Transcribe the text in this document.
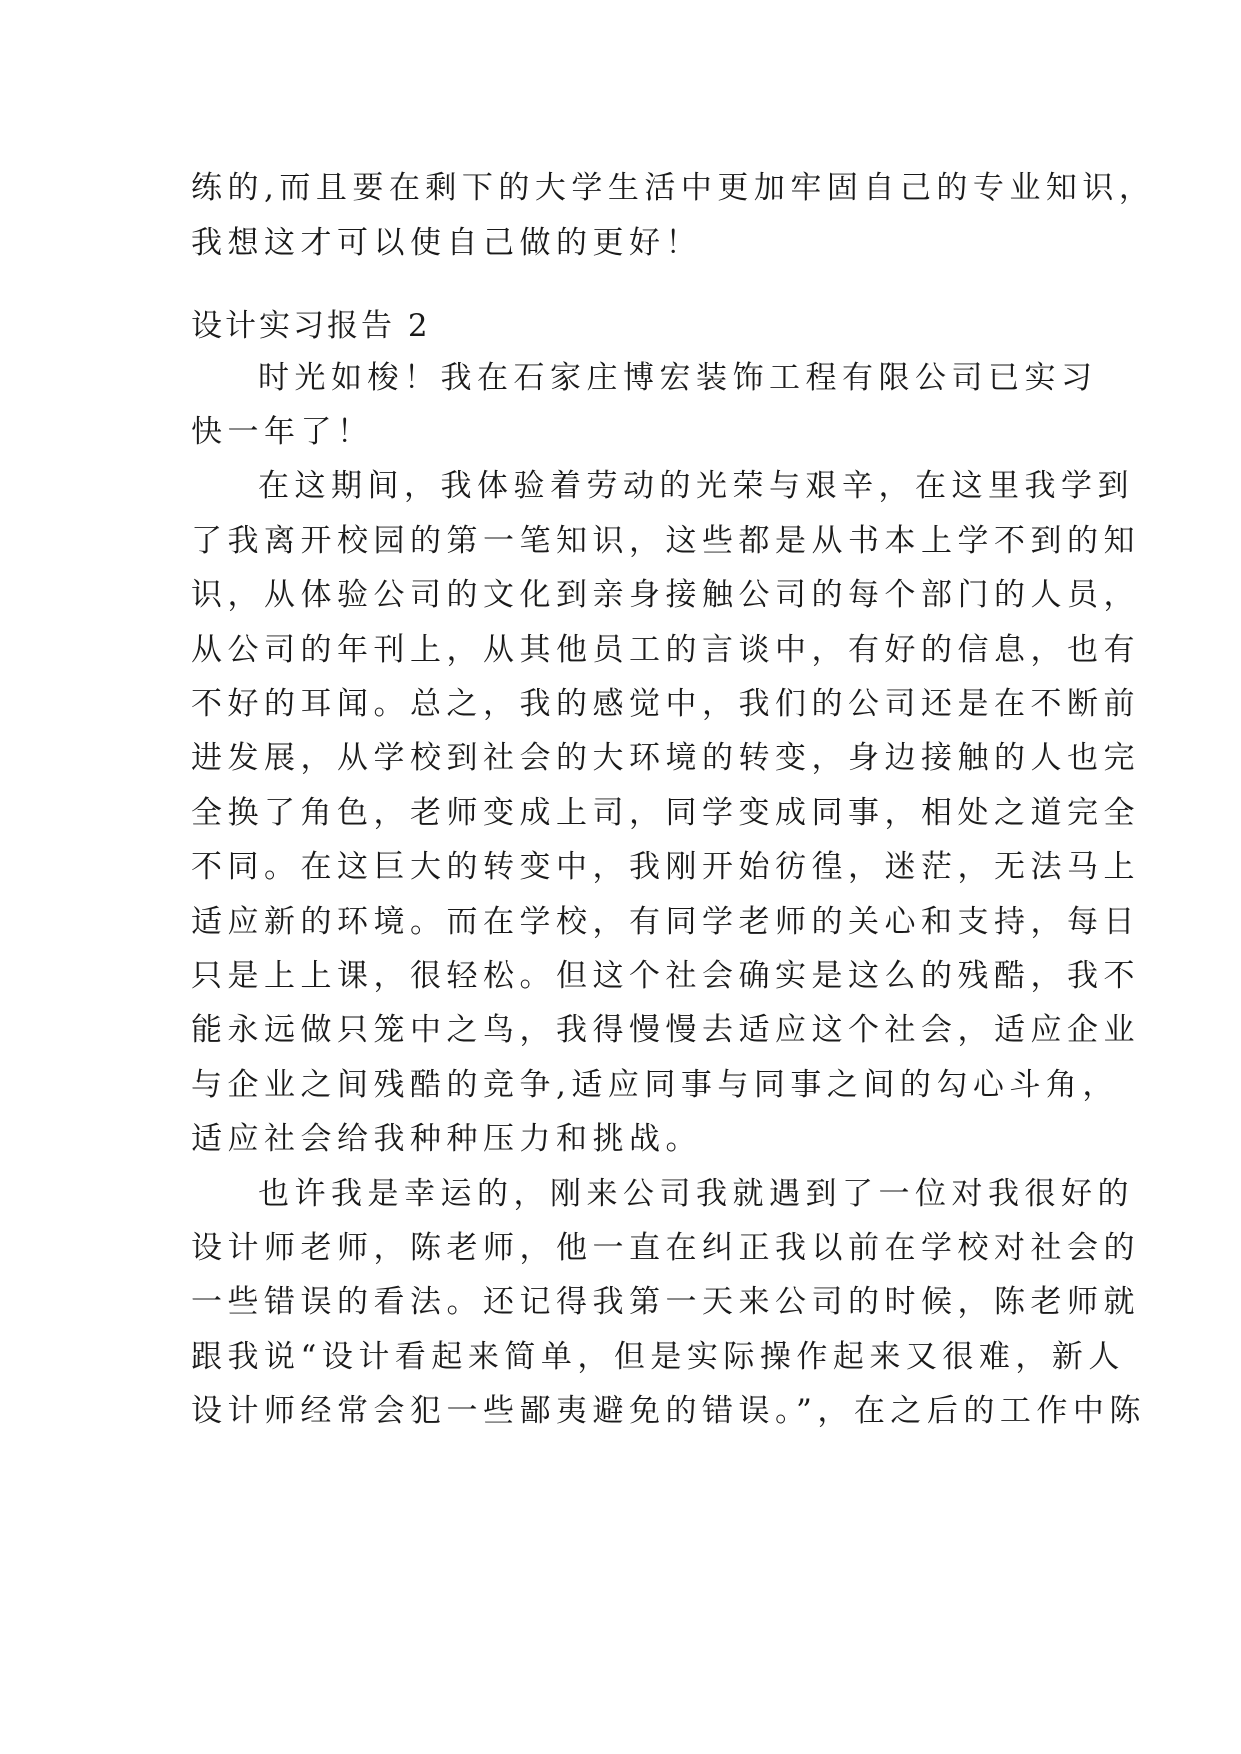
练的,而且要在剩下的大学生活中更加牢固自己的专业知识，
我想这才可以使自己做的更好！
设计实习报告 2
时光如梭！我在石家庄博宏装饰工程有限公司已实习
快一年了！
在这期间，我体验着劳动的光荣与艰辛，在这里我学到
了我离开校园的第一笔知识，这些都是从书本上学不到的知
识，从体验公司的文化到亲身接触公司的每个部门的人员，
从公司的年刊上，从其他员工的言谈中，有好的信息，也有
不好的耳闻。总之，我的感觉中，我们的公司还是在不断前
进发展，从学校到社会的大环境的转变，身边接触的人也完
全换了角色，老师变成上司，同学变成同事，相处之道完全
不同。在这巨大的转变中，我刚开始彷徨，迷茫，无法马上
适应新的环境。而在学校，有同学老师的关心和支持，每日
只是上上课，很轻松。但这个社会确实是这么的残酷，我不
能永远做只笼中之鸟，我得慢慢去适应这个社会，适应企业
与企业之间残酷的竞争,适应同事与同事之间的勾心斗角，
适应社会给我种种压力和挑战。
也许我是幸运的，刚来公司我就遇到了一位对我很好的
设计师老师，陈老师，他一直在纠正我以前在学校对社会的
一些错误的看法。还记得我第一天来公司的时候，陈老师就
跟我说“设计看起来简单，但是实际操作起来又很难，新人
设计师经常会犯一些鄙夷避免的错误。”，在之后的工作中陈
